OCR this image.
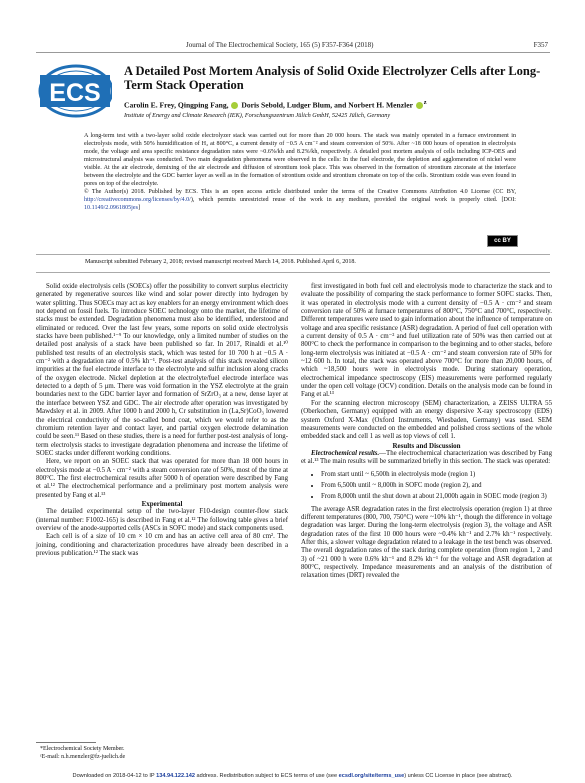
Journal of The Electrochemical Society, 165 (5) F357-F364 (2018)	F357
ECS
A Detailed Post Mortem Analysis of Solid Oxide Electrolyzer Cells after Long-Term Stack Operation
Carolin E. Frey, Qingping Fang, Doris Sebold, Ludger Blum, and Norbert H. Menzler $^z$
Institute of Energy and Climate Research (IEK), Forschungszentrum Jülich GmbH, 52425 Jülich, Germany
A long-term test with a two-layer solid oxide electrolyzer stack was carried out for more than 20 000 hours. The stack was mainly operated in a furnace environment in electrolysis mode, with 50% humidification of H₂ at 800°C, a current density of −0.5 A cm⁻² and steam conversion of 50%. After ~18 000 hours of operation in electrolysis mode, the voltage and area specific resistance degradation rates were ~0.6%/kh and 8.2%/kh, respectively. A detailed post mortem analysis of cells including ICP-OES and microstructural analysis was conducted. Two main degradation phenomena were observed in the cells: In the fuel electrode, the depletion and agglomeration of nickel were visible. At the air electrode, demixing of the air electrode and diffusion of strontium took place. This was observed in the formation of strontium zirconate at the interface between the electrolyte and the GDC barrier layer as well as in the formation of strontium oxide and strontium chromate on top of the cells. Strontium oxide was even found in pores on top of the electrolyte.
© The Author(s) 2018. Published by ECS. This is an open access article distributed under the terms of the Creative Commons Attribution 4.0 License (CC BY, http://creativecommons.org/licenses/by/4.0/), which permits unrestricted reuse of the work in any medium, provided the original work is properly cited. [DOI: 10.1149/2.0961805jes]
cc BY
Manuscript submitted February 2, 2018; revised manuscript received March 14, 2018. Published April 6, 2018.

Solid oxide electrolysis cells (SOECs) offer the possibility to convert surplus electricity generated by regenerative sources like wind and solar power directly into hydrogen by water splitting. Thus SOECs may act as key enablers for an energy environment which does not depend on fossil fuels. To introduce SOEC technology onto the market, the lifetime of stacks must be extended. Degradation phenomena must also be identified, understood and eliminated or reduced. Over the last few years, some reports on solid oxide electrolysis stacks have been published.¹⁻⁹ To our knowledge, only a limited number of studies on the detailed post analysis of a stack have been published so far. In 2017, Rinaldi et al.¹⁰ published test results of an electrolysis stack, which was tested for 10 700 h at −0.5 A · cm⁻² with a degradation rate of 0.5% kh⁻¹. Post-test analysis of this stack revealed silicon impurities at the fuel electrode interface to the electrolyte and sulfur inclusion along cracks of the oxygen electrode. Nickel depletion at the electrolyte/fuel electrode interface was detected to a depth of 5 μm. There was void formation in the YSZ electrolyte at the grain boundaries next to the GDC barrier layer and formation of SrZrO₃ at a new, dense layer at the interface between YSZ and GDC. The air electrode after operation was investigated by Mawdsley et al. in 2009. After 1000 h and 2000 h, Cr substitution in (La,Sr)CoO₃ lowered the electrical conductivity of the so-called bond coat, which we would refer to as the chromium retention layer and contact layer, and partial oxygen electrode delamination could be seen.¹¹ Based on these studies, there is a need for further post-test analysis of long-term electrolysis stacks to investigate degradation phenomena and increase the lifetime of SOEC stacks under different working conditions.

Here, we report on an SOEC stack that was operated for more than 18 000 hours in electrolysis mode at −0.5 A · cm⁻² with a steam conversion rate of 50%, most of the time at 800°C. The first electrochemical results after 5000 h of operation were described by Fang et al.¹² The electrochemical performance and a preliminary post mortem analysis were presented by Fang et al.¹³

Experimental

The detailed experimental setup of the two-layer F10-design counter-flow stack (internal number: F1002-165) is described in Fang et al.¹² The following table gives a brief overview of the anode-supported cells (ASCs in SOFC mode) and stack components used.

Each cell is of a size of 10 cm × 10 cm and has an active cell area of 80 cm². The joining, conditioning and characterization procedures have already been described in a previous publication.¹² The stack was

first investigated in both fuel cell and electrolysis mode to characterize the stack and to evaluate the possibility of comparing the stack performance to former SOFC stacks. Then, it was operated in electrolysis mode with a current density of −0.5 A · cm⁻² and steam conversion rate of 50% at furnace temperatures of 800°C, 750°C and 700°C, respectively. Different temperatures were used to gain information about the influence of temperature on voltage and area specific resistance (ASR) degradation. A period of fuel cell operation with a current density of 0.5 A · cm⁻² and fuel utilization rate of 50% was then carried out at 800°C to check the performance in comparison to the beginning and to other stacks, before long-term electrolysis was initiated at −0.5 A · cm⁻² and steam conversion rate of 50% for ~12 600 h. In total, the stack was operated above 700°C for more than 20,000 hours, of which ~18,500 hours were in electrolysis mode. During stationary operation, electrochemical impedance spectroscopy (EIS) measurements were performed regularly under the open cell voltage (OCV) condition. Details on the analysis mode can be found in Fang et al.¹³

For the scanning electron microscopy (SEM) characterization, a ZEISS ULTRA 55 (Oberkochen, Germany) equipped with an energy dispersive X-ray spectroscopy (EDS) system Oxford X-Max (Oxford Instruments, Wiesbaden, Germany) was used. SEM measurements were conducted on the embedded and polished cross sections of the whole embedded stack and cell 1 as well as top views of cell 1.

Results and Discussion

Electrochemical results.—The electrochemical characterization was described by Fang et al.¹³ The main results will be summarized briefly in this section. The stack was operated:

• From start until ~ 6,500h in electrolysis mode (region 1)
• From 6,500h until ~ 8,000h in SOFC mode (region 2), and
• From 8,000h until the shut down at about 21,000h again in SOEC mode (region 3)

The average ASR degradation rates in the first electrolysis operation (region 1) at three different temperatures (800, 700, 750°C) were ~10% kh⁻¹, though the difference in voltage degradation was larger. During the long-term electrolysis (region 3), the voltage and ASR degradation rates of the first 10 000 hours were ~0.4% kh⁻¹ and 2.7% kh⁻¹ respectively. After this, a slower voltage degradation related to a leakage in the test bench was observed. The overall degradation rates of the stack during complete operation (from region 1, 2 and 3) of ~21 000 h were 0.6% kh⁻¹ and 8.2% kh⁻¹ for the voltage and ASR degradation at 800°C, respectively. Impedance measurements and an analysis of the distribution of relaxation times (DRT) revealed the

*Electrochemical Society Member.
ᶻE-mail: n.h.menzler@fz-juelich.de
Downloaded on 2018-04-12 to IP 134.94.122.142 address. Redistribution subject to ECS terms of use (see ecsdl.org/site/terms_use) unless CC License in place (see abstract).
